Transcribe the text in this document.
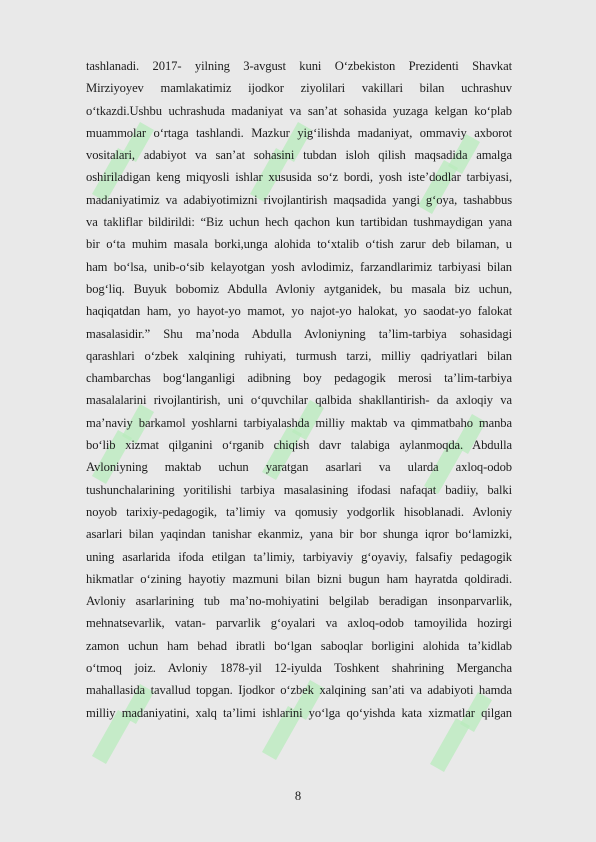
tashlanadi. 2017- yilning 3-avgust kuni O‘zbekiston Prezidenti Shavkat
Mirziyoyev mamlakatimiz ijodkor ziyolilari vakillari bilan uchrashuv
o‘tkazdi.Ushbu uchrashuda madaniyat va san’at sohasida yuzaga kelgan ko‘plab
muammolar o‘rtaga tashlandi. Mazkur yig‘ilishda madaniyat, ommaviy axborot
vositalari, adabiyot va san’at sohasini tubdan isloh qilish maqsadida amalga
oshiriladigan keng miqyosli ishlar xususida so‘z bordi, yosh iste’dodlar tarbiyasi,
madaniyatimiz va adabiyotimizni rivojlantirish maqsadida yangi g‘oya, tashabbus
va takliflar bildirildi: “Biz uchun hech qachon kun tartibidan tushmaydigan yana
bir o‘ta muhim masala borki,unga alohida to‘xtalib o‘tish zarur deb bilaman, u
ham bo‘lsa, unib-o‘sib kelayotgan yosh avlodimiz, farzandlarimiz tarbiyasi bilan
bog‘liq. Buyuk bobomiz Abdulla Avloniy aytganidek, bu masala biz uchun,
haqiqatdan ham, yo hayot-yo mamot, yo najot-yo halokat, yo saodat-yo falokat
masalasidir.” Shu ma’noda Abdulla Avloniyning ta’lim-tarbiya sohasidagi
qarashlari o‘zbek xalqining ruhiyati, turmush tarzi, milliy qadriyatlari bilan
chambarchas bog‘langanligi adibning boy pedagogik merosi ta’lim-tarbiya
masalalarini rivojlantirish, uni o‘quvchilar qalbida shakllantirish- da axloqiy va
ma’naviy barkamol yoshlarni tarbiyalashda milliy maktab va qimmatbaho manba
bo‘lib xizmat qilganini o‘rganib chiqish davr talabiga aylanmoqda. Abdulla
Avloniyning maktab uchun yaratgan asarlari va ularda axloq-odob
tushunchalarining yoritilishi tarbiya masalasining ifodasi nafaqat badiiy, balki
noyob tarixiy-pedagogik, ta’limiy va qomusiy yodgorlik hisoblanadi. Avloniy
asarlari bilan yaqindan tanishar ekanmiz, yana bir bor shunga iqror bo‘lamizki,
uning asarlarida ifoda etilgan ta’limiy, tarbiyaviy g‘oyaviy, falsafiy pedagogik
hikmatlar o‘zining hayotiy mazmuni bilan bizni bugun ham hayratda qoldiradi.
Avloniy asarlarining tub ma’no-mohiyatini belgilab beradigan insonparvarlik,
mehnatsevarlik, vatan- parvarlik g‘oyalari va axloq-odob tamoyilida hozirgi
zamon uchun ham behad ibratli bo‘lgan saboqlar borligini alohida ta’kidlab
o‘tmoq joiz. Avloniy 1878-yil 12-iyulda Toshkent shahrining Mergancha
mahallasida tavallud topgan. Ijodkor o‘zbek xalqining san’ati va adabiyoti hamda
milliy madaniyatini, xalq ta’limi ishlarini yo‘lga qo‘yishda kata xizmatlar qilgan
8
